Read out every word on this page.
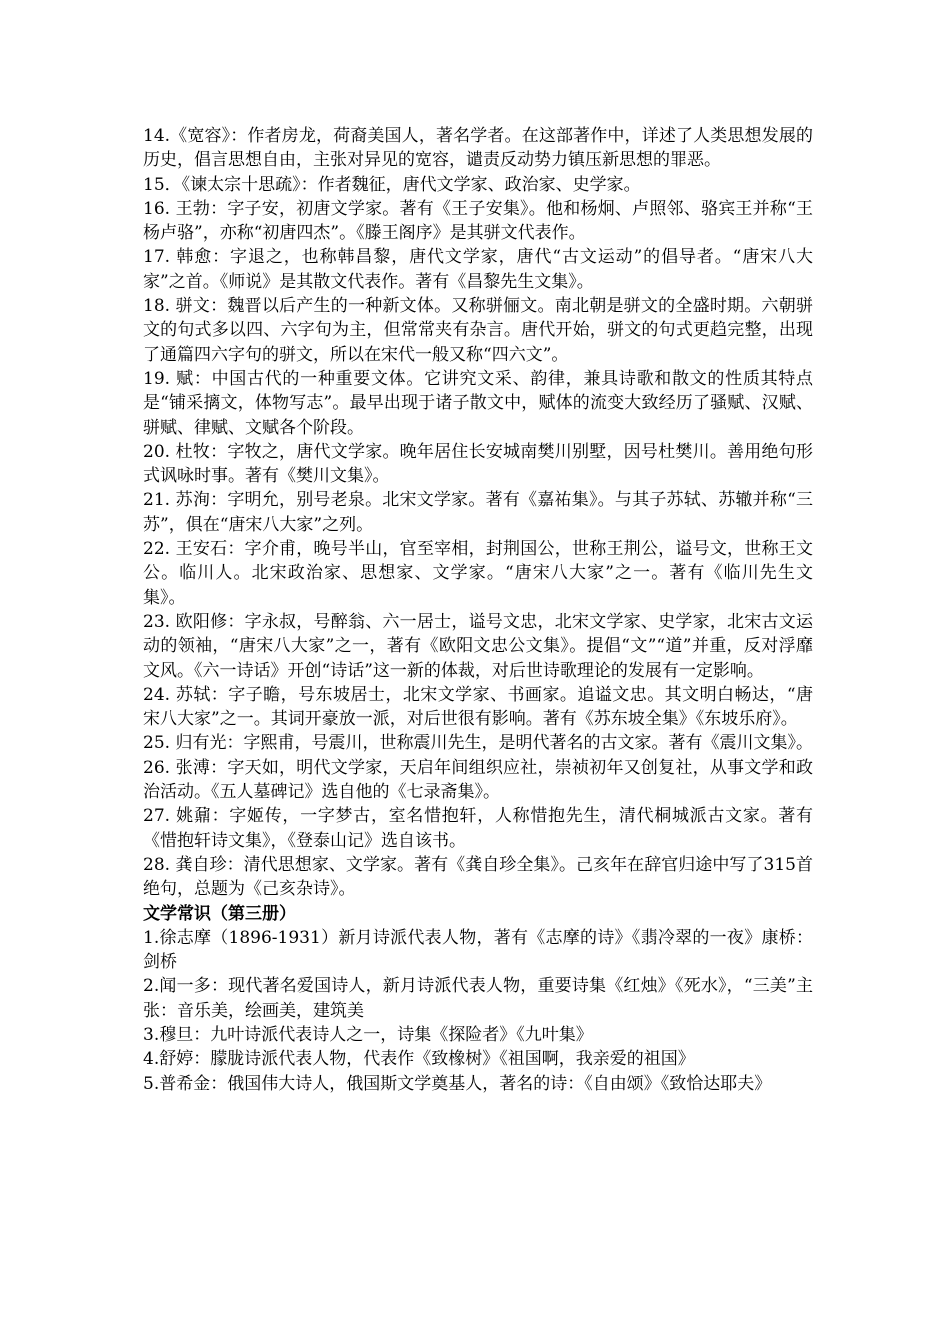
14.《宽容》：作者房龙，荷裔美国人，著名学者。在这部著作中，详述了人类思想发展的历史，倡言思想自由，主张对异见的宽容，谴责反动势力镇压新思想的罪恶。

15．《谏太宗十思疏》：作者魏征，唐代文学家、政治家、史学家。

16. 王勃：字子安，初唐文学家。著有《王子安集》。他和杨炯、卢照邻、骆宾王并称“王杨卢骆”，亦称“初唐四杰”。《滕王阁序》是其骈文代表作。

17. 韩愈：字退之，也称韩昌黎，唐代文学家，唐代“古文运动”的倡导者。“唐宋八大家”之首。《师说》是其散文代表作。著有《昌黎先生文集》。

18. 骈文：魏晋以后产生的一种新文体。又称骈俪文。南北朝是骈文的全盛时期。六朝骈文的句式多以四、六字句为主，但常常夹有杂言。唐代开始，骈文的句式更趋完整，出现了通篇四六字句的骈文，所以在宋代一般又称“四六文”。

19. 赋：中国古代的一种重要文体。它讲究文采、韵律，兼具诗歌和散文的性质其特点是“铺采摛文，体物写志”。最早出现于诸子散文中，赋体的流变大致经历了骚赋、汉赋、骈赋、律赋、文赋各个阶段。

20. 杜牧：字牧之，唐代文学家。晚年居住长安城南樊川别墅，因号杜樊川。善用绝句形式讽咏时事。著有《樊川文集》。

21. 苏洵：字明允，别号老泉。北宋文学家。著有《嘉祐集》。与其子苏轼、苏辙并称“三苏”，俱在“唐宋八大家”之列。

22. 王安石：字介甫，晚号半山，官至宰相，封荆国公，世称王荆公，谥号文，世称王文公。临川人。北宋政治家、思想家、文学家。“唐宋八大家”之一。著有《临川先生文集》。

23. 欧阳修：字永叔，号醉翁、六一居士，谥号文忠，北宋文学家、史学家，北宋古文运动的领袖，“唐宋八大家”之一，著有《欧阳文忠公文集》。提倡“文”“道”并重，反对浮靡文风。《六一诗话》开创“诗话”这一新的体裁，对后世诗歌理论的发展有一定影响。

24. 苏轼：字子瞻，号东坡居士，北宋文学家、书画家。追谥文忠。其文明白畅达，“唐宋八大家”之一。其词开豪放一派，对后世很有影响。著有《苏东坡全集》《东坡乐府》。

25. 归有光：字熙甫，号震川，世称震川先生，是明代著名的古文家。著有《震川文集》。

26. 张溥：字天如，明代文学家，天启年间组织应社，崇祯初年又创复社，从事文学和政治活动。《五人墓碑记》选自他的《七录斋集》。

27. 姚鼐：字姬传，一字梦古，室名惜抱轩，人称惜抱先生，清代桐城派古文家。著有《惜抱轩诗文集》，《登泰山记》选自该书。

28. 龚自珍：清代思想家、文学家。著有《龚自珍全集》。己亥年在辞官归途中写了315首绝句，总题为《己亥杂诗》。

文学常识（第三册）

1.徐志摩（1896-1931）新月诗派代表人物，著有《志摩的诗》《翡冷翠的一夜》康桥：剑桥

2.闻一多：现代著名爱国诗人，新月诗派代表人物，重要诗集《红烛》《死水》，“三美”主张：音乐美，绘画美，建筑美

3.穆旦：九叶诗派代表诗人之一，诗集《探险者》《九叶集》

4.舒婷：朦胧诗派代表人物，代表作《致橡树》《祖国啊，我亲爱的祖国》

5.普希金：俄国伟大诗人，俄国斯文学奠基人，著名的诗：《自由颂》《致恰达耶夫》
